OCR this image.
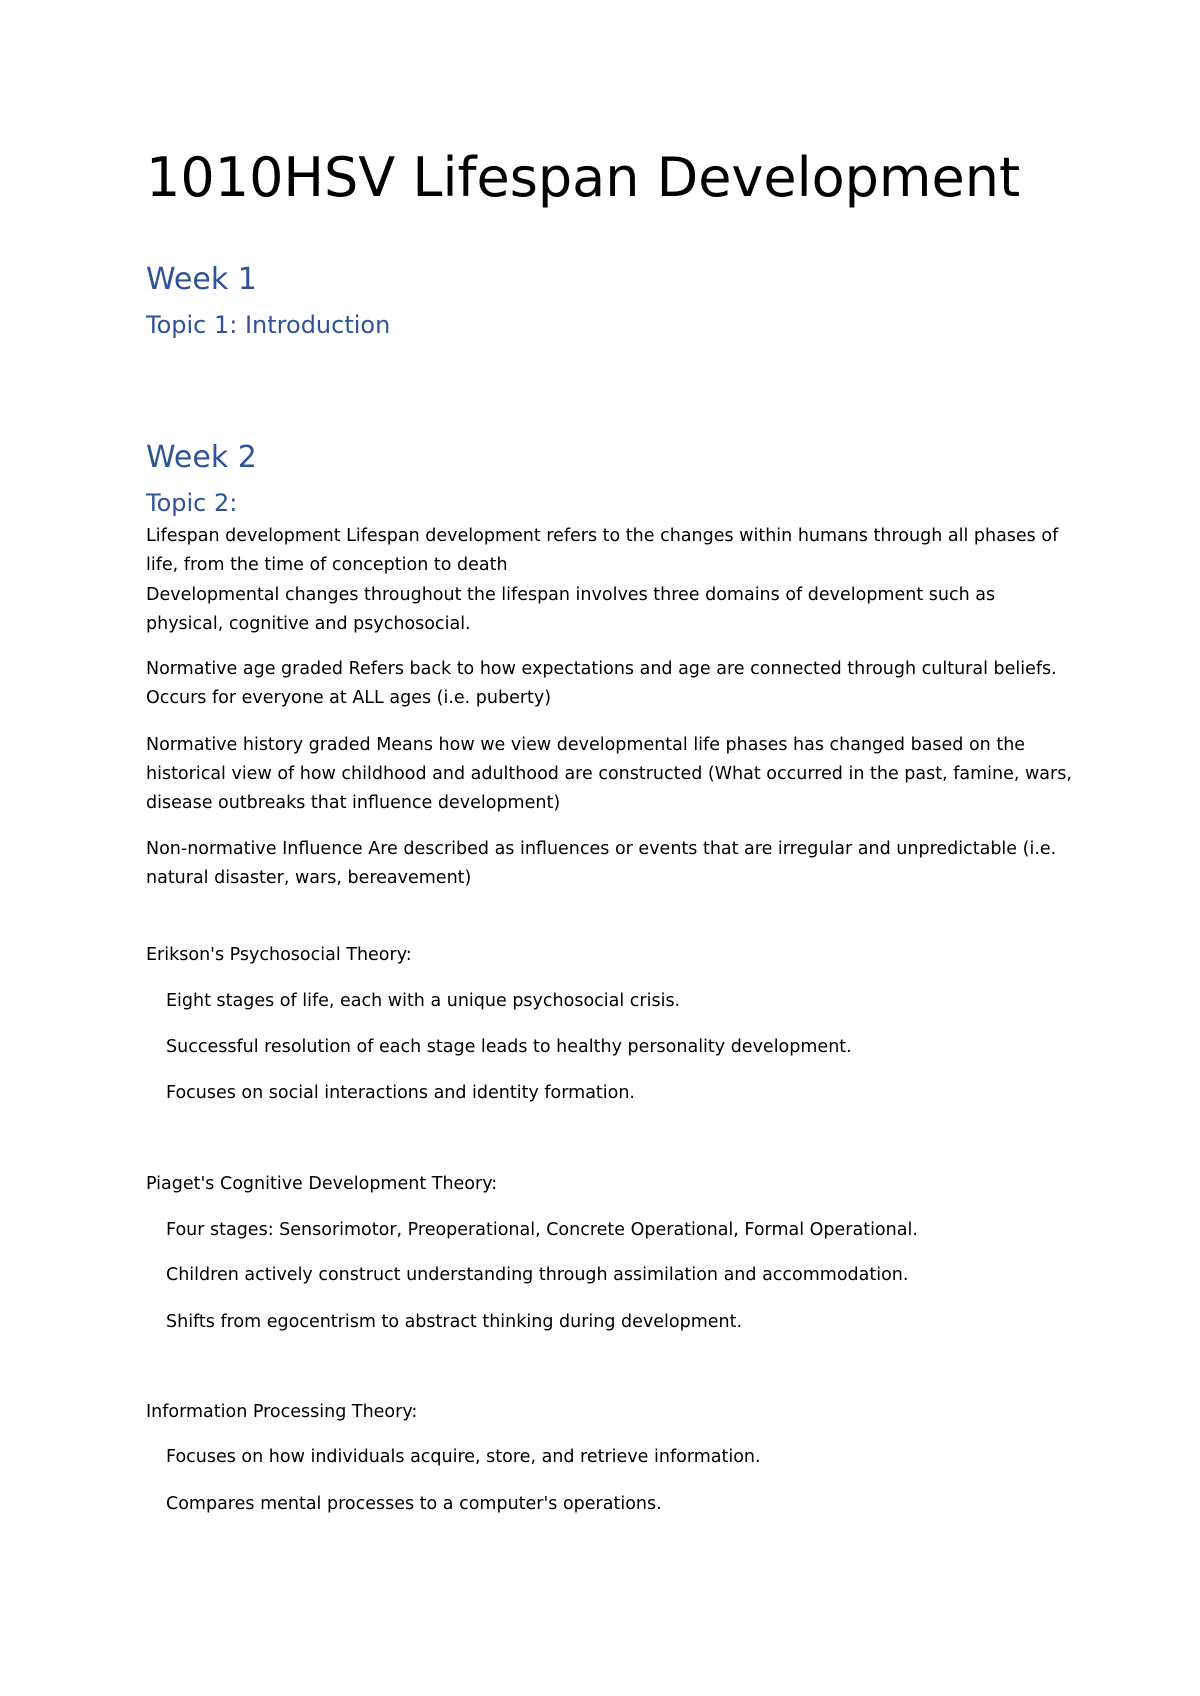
1010HSV Lifespan Development
Week 1
Topic 1: Introduction
Week 2
Topic 2:

Lifespan development Lifespan development refers to the changes within humans through all phases of life, from the time of conception to death

Developmental changes throughout the lifespan involves three domains of development such as physical, cognitive and psychosocial.

Normative age graded Refers back to how expectations and age are connected through cultural beliefs. Occurs for everyone at ALL ages (i.e. puberty)

Normative history graded Means how we view developmental life phases has changed based on the historical view of how childhood and adulthood are constructed (What occurred in the past, famine, wars, disease outbreaks that influence development)

Non-normative Influence Are described as influences or events that are irregular and unpredictable (i.e. natural disaster, wars, bereavement)

Erikson's Psychosocial Theory:

Eight stages of life, each with a unique psychosocial crisis.

Successful resolution of each stage leads to healthy personality development.

Focuses on social interactions and identity formation.

Piaget's Cognitive Development Theory:

Four stages: Sensorimotor, Preoperational, Concrete Operational, Formal Operational.

Children actively construct understanding through assimilation and accommodation.

Shifts from egocentrism to abstract thinking during development.

Information Processing Theory:

Focuses on how individuals acquire, store, and retrieve information.

Compares mental processes to a computer's operations.
